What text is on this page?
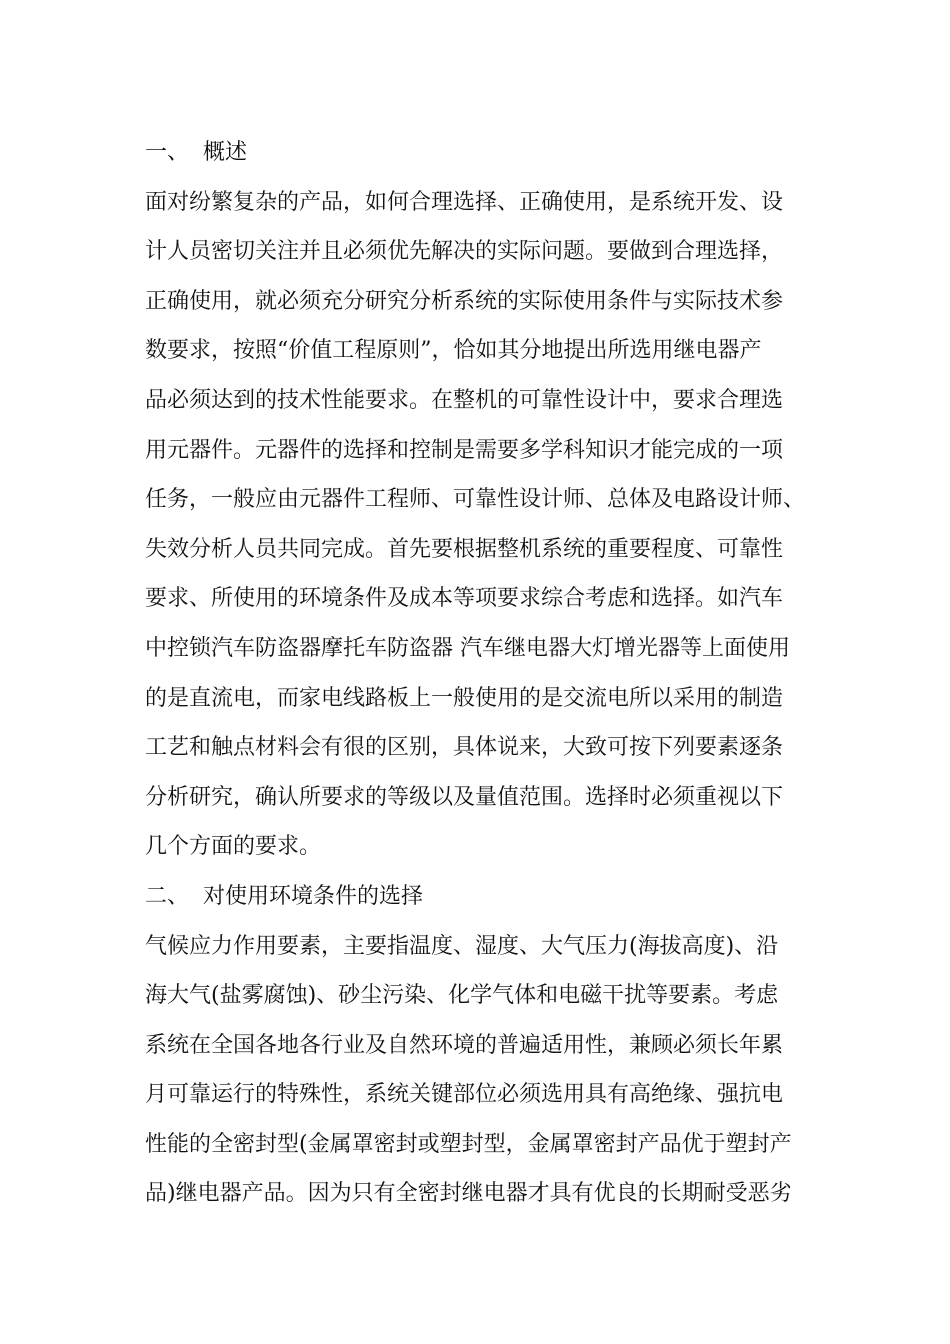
一、  概述
面对纷繁复杂的产品，如何合理选择、正确使用，是系统开发、设
计人员密切关注并且必须优先解决的实际问题。要做到合理选择，
正确使用，就必须充分研究分析系统的实际使用条件与实际技术参
数要求，按照“价值工程原则”，恰如其分地提出所选用继电器产
品必须达到的技术性能要求。在整机的可靠性设计中，要求合理选
用元器件。元器件的选择和控制是需要多学科知识才能完成的一项
任务，一般应由元器件工程师、可靠性设计师、总体及电路设计师、
失效分析人员共同完成。首先要根据整机系统的重要程度、可靠性
要求、所使用的环境条件及成本等项要求综合考虑和选择。如汽车
中控锁汽车防盗器摩托车防盗器 汽车继电器大灯增光器等上面使用
的是直流电，而家电线路板上一般使用的是交流电所以采用的制造
工艺和触点材料会有很的区别，具体说来，大致可按下列要素逐条
分析研究，确认所要求的等级以及量值范围。选择时必须重视以下
几个方面的要求。
二、  对使用环境条件的选择
气候应力作用要素，主要指温度、湿度、大气压力(海拔高度)、沿
海大气(盐雾腐蚀)、砂尘污染、化学气体和电磁干扰等要素。考虑
系统在全国各地各行业及自然环境的普遍适用性，兼顾必须长年累
月可靠运行的特殊性，系统关键部位必须选用具有高绝缘、强抗电
性能的全密封型(金属罩密封或塑封型，金属罩密封产品优于塑封产
品)继电器产品。因为只有全密封继电器才具有优良的长期耐受恶劣
